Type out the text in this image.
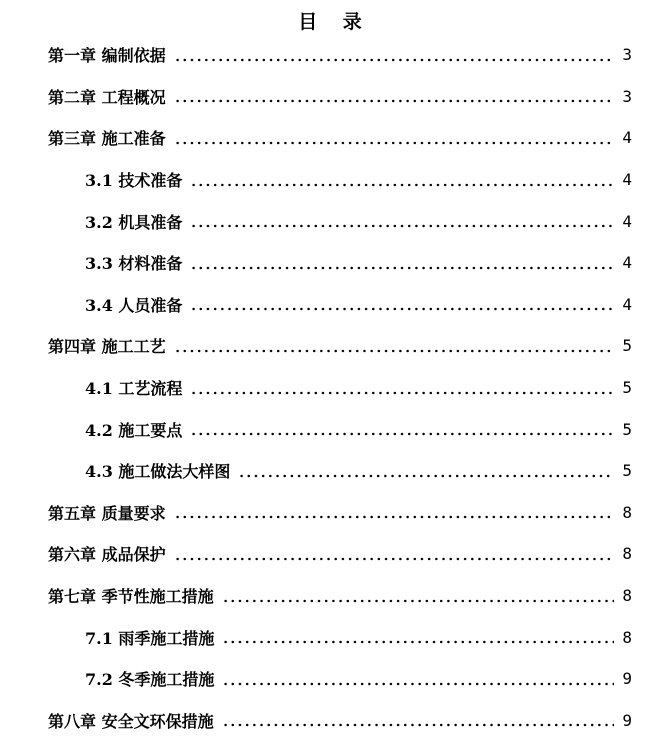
目 录
第一章 编制依据	3
第二章 工程概况	3
第三章 施工准备	4
3.1 技术准备	4
3.2 机具准备	4
3.3 材料准备	4
3.4 人员准备	4
第四章 施工工艺	5
4.1 工艺流程	5
4.2 施工要点	5
4.3 施工做法大样图	5
第五章 质量要求	8
第六章 成品保护	8
第七章 季节性施工措施	8
7.1 雨季施工措施	8
7.2 冬季施工措施	9
第八章 安全文环保措施	9
